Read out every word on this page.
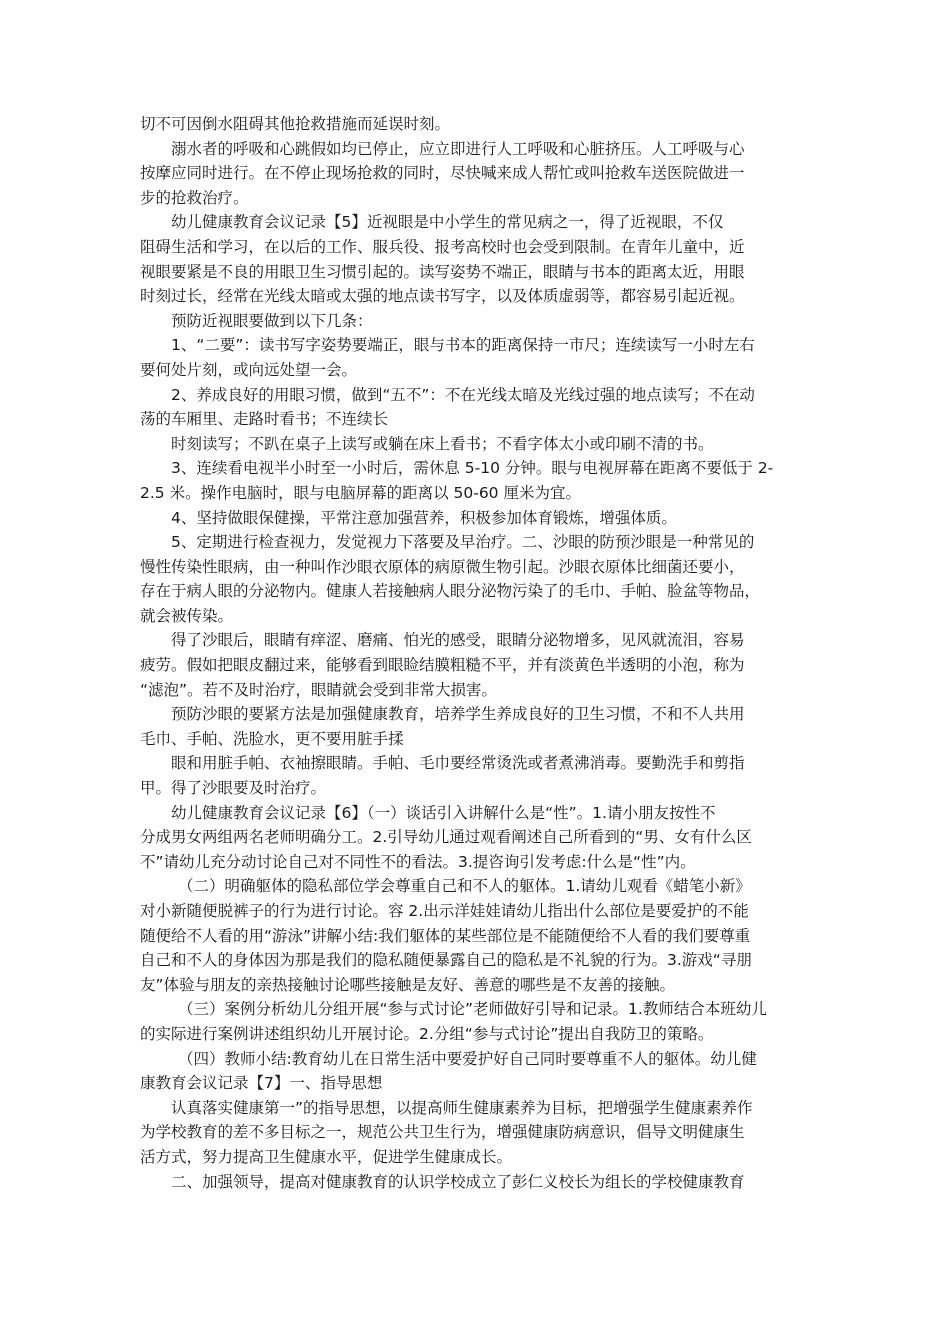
切不可因倒水阻碍其他抢救措施而延误时刻。
溺水者的呼吸和心跳假如均已停止，应立即进行人工呼吸和心脏挤压。人工呼吸与心
按摩应同时进行。在不停止现场抢救的同时，尽快喊来成人帮忙或叫抢救车送医院做进一
步的抢救治疗。
幼儿健康教育会议记录【5】近视眼是中小学生的常见病之一，得了近视眼，不仅
阻碍生活和学习，在以后的工作、服兵役、报考高校时也会受到限制。在青年儿童中，近
视眼要紧是不良的用眼卫生习惯引起的。读写姿势不端正，眼睛与书本的距离太近，用眼
时刻过长，经常在光线太暗或太强的地点读书写字，以及体质虚弱等，都容易引起近视。
预防近视眼要做到以下几条：
1、“二要”：读书写字姿势要端正，眼与书本的距离保持一市尺；连续读写一小时左右
要何处片刻，或向远处望一会。
2、养成良好的用眼习惯，做到“五不”：不在光线太暗及光线过强的地点读写；不在动
荡的车厢里、走路时看书；不连续长
时刻读写；不趴在桌子上读写或躺在床上看书；不看字体太小或印刷不清的书。
3、连续看电视半小时至一小时后，需休息 5-10 分钟。眼与电视屏幕在距离不要低于 2-
2.5 米。操作电脑时，眼与电脑屏幕的距离以 50-60 厘米为宜。
4、坚持做眼保健操，平常注意加强营养，积极参加体育锻炼，增强体质。
5、定期进行检查视力，发觉视力下落要及早治疗。二、沙眼的防预沙眼是一种常见的
慢性传染性眼病，由一种叫作沙眼衣原体的病原微生物引起。沙眼衣原体比细菌还要小，
存在于病人眼的分泌物内。健康人若接触病人眼分泌物污染了的毛巾、手帕、脸盆等物品，
就会被传染。
得了沙眼后，眼睛有痒涩、磨痛、怕光的感受，眼睛分泌物增多，见风就流泪，容易
疲劳。假如把眼皮翻过来，能够看到眼睑结膜粗糙不平，并有淡黄色半透明的小泡，称为
“滤泡”。若不及时治疗，眼睛就会受到非常大损害。
预防沙眼的要紧方法是加强健康教育，培养学生养成良好的卫生习惯，不和不人共用
毛巾、手帕、洗脸水，更不要用脏手揉
眼和用脏手帕、衣袖擦眼睛。手帕、毛巾要经常烫洗或者煮沸消毒。要勤洗手和剪指
甲。得了沙眼要及时治疗。
幼儿健康教育会议记录【6】（一）谈话引入讲解什么是“性”。1.请小朋友按性不
分成男女两组两名老师明确分工。2.引导幼儿通过观看阐述自己所看到的“男、女有什么区
不”请幼儿充分动讨论自己对不同性不的看法。3.提咨询引发考虑:什么是“性”内。
（二）明确躯体的隐私部位学会尊重自己和不人的躯体。1.请幼儿观看《蜡笔小新》
对小新随便脱裤子的行为进行讨论。容 2.出示洋娃娃请幼儿指出什么部位是要爱护的不能
随便给不人看的用“游泳”讲解小结:我们躯体的某些部位是不能随便给不人看的我们要尊重
自己和不人的身体因为那是我们的隐私随便暴露自己的隐私是不礼貌的行为。3.游戏“寻朋
友”体验与朋友的亲热接触讨论哪些接触是友好、善意的哪些是不友善的接触。
（三）案例分析幼儿分组开展“参与式讨论”老师做好引导和记录。1.教师结合本班幼儿
的实际进行案例讲述组织幼儿开展讨论。2.分组“参与式讨论”提出自我防卫的策略。
（四）教师小结:教育幼儿在日常生活中要爱护好自己同时要尊重不人的躯体。幼儿健
康教育会议记录【7】一、指导思想
认真落实健康第一”的指导思想，以提高师生健康素养为目标，把增强学生健康素养作
为学校教育的差不多目标之一，规范公共卫生行为，增强健康防病意识，倡导文明健康生
活方式，努力提高卫生健康水平，促进学生健康成长。
二、加强领导，提高对健康教育的认识学校成立了彭仁义校长为组长的学校健康教育
